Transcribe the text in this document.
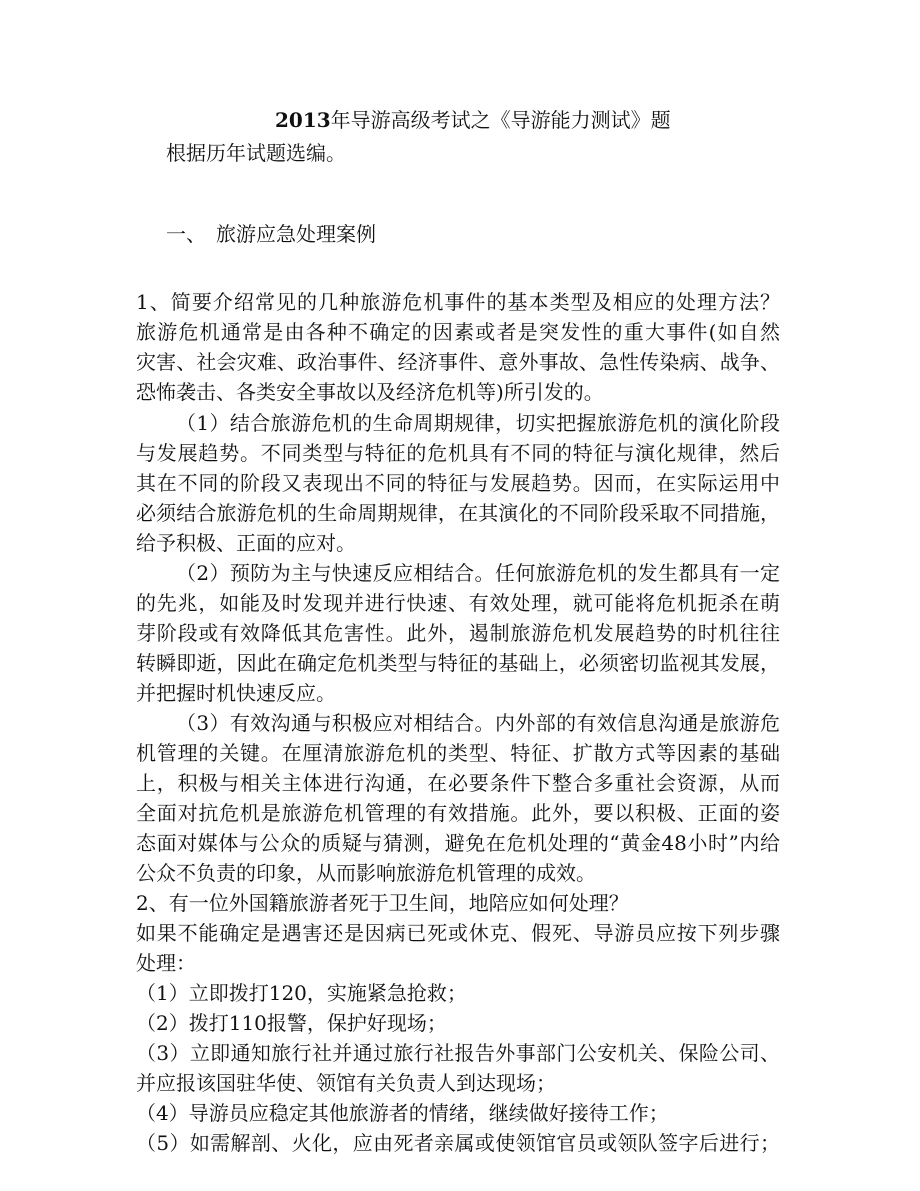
2013年导游高级考试之《导游能力测试》题
根据历年试题选编。
一、 旅游应急处理案例
1、简要介绍常见的几种旅游危机事件的基本类型及相应的处理方法？
旅游危机通常是由各种不确定的因素或者是突发性的重大事件(如自然
灾害、社会灾难、政治事件、经济事件、意外事故、急性传染病、战争、
恐怖袭击、各类安全事故以及经济危机等)所引发的。
（1）结合旅游危机的生命周期规律，切实把握旅游危机的演化阶段
与发展趋势。不同类型与特征的危机具有不同的特征与演化规律，然后
其在不同的阶段又表现出不同的特征与发展趋势。因而，在实际运用中
必须结合旅游危机的生命周期规律，在其演化的不同阶段采取不同措施，
给予积极、正面的应对。
（2）预防为主与快速反应相结合。任何旅游危机的发生都具有一定
的先兆，如能及时发现并进行快速、有效处理，就可能将危机扼杀在萌
芽阶段或有效降低其危害性。此外，遏制旅游危机发展趋势的时机往往
转瞬即逝，因此在确定危机类型与特征的基础上，必须密切监视其发展，
并把握时机快速反应。
（3）有效沟通与积极应对相结合。内外部的有效信息沟通是旅游危
机管理的关键。在厘清旅游危机的类型、特征、扩散方式等因素的基础
上，积极与相关主体进行沟通，在必要条件下整合多重社会资源，从而
全面对抗危机是旅游危机管理的有效措施。此外，要以积极、正面的姿
态面对媒体与公众的质疑与猜测，避免在危机处理的“黄金48小时”内给
公众不负责的印象，从而影响旅游危机管理的成效。
2、有一位外国籍旅游者死于卫生间，地陪应如何处理？
如果不能确定是遇害还是因病已死或休克、假死、导游员应按下列步骤
处理：
（1）立即拨打120，实施紧急抢救；
（2）拨打110报警，保护好现场；
（3）立即通知旅行社并通过旅行社报告外事部门公安机关、保险公司、
并应报该国驻华使、领馆有关负责人到达现场；
（4）导游员应稳定其他旅游者的情绪，继续做好接待工作；
（5）如需解剖、火化，应由死者亲属或使领馆官员或领队签字后进行；
